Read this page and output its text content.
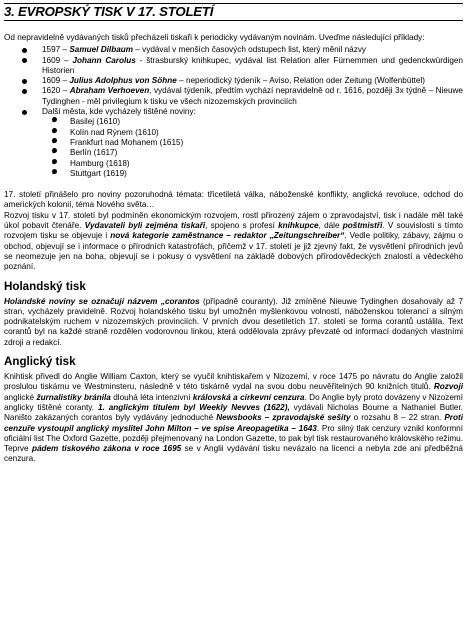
3. EVROPSKÝ TISK V 17. STOLETÍ

Od nepravidelně vydávaných tisků přecházeli tiskaři k periodicky vydávaným novinám. Uveďme následující příklady:

1597 – Samuel Dilbaum – vydával v menších časových odstupech list, který měnil názvy
1609 – Johann Carolus - štrasburský knihkupec, vydával list Relation aller Fürnemmen und gedenckwürdigen Historien
1609 – Julius Adolphus von Söhne – neperiodický týdeník – Aviso, Relation oder Zeitung (Wolfenbüttel)
1620 – Abraham Verhoeven, vydával týdeník, předtím vychází nepravidelně od r. 1616, později 3x týdně – Nieuwe Tydinghen - měl privilegium k tisku ve všech nizozemských provinciích
Další města, kde vycházely tištěné noviny:
- Basilej (1610)
- Kolín nad Rýnem (1610)
- Frankfurt nad Mohanem (1615)
- Berlín (1617)
- Hamburg (1618)
- Stuttgart (1619)

17. století přinášelo pro noviny pozoruhodná témata: třicetiletá válka, náboženské konflikty, anglická revoluce, odchod do amerických kolonií, téma Nového světa…

Rozvoj tisku v 17. století byl podmíněn ekonomickým rozvojem, rostl přirozený zájem o zpravodajství, tisk i nadále měl také úkol pobavit čtenáře. Vydavateli byli zejména tiskaři, spojeno s profesí knihkupce, dále poštmistři. V souvislosti s tímto rozvojem tisku se objevuje i nová kategorie zaměstnance – redaktor „Zeitungschreiber“. Vedle politiky, zábavy, zájmu o obchod, objevují se i informace o přírodních katastrofách, přičemž v 17. století je již zjevný fakt, že vysvětlení přírodních jevů se neomezuje jen na boha, objevují se i pokusy o vysvětlení na základě dobových přírodovědeckých znalostí a vědeckého poznání.

Holandský tisk

Holandské noviny se označují názvem „corantos (případně couranty). Již zmíněné Nieuwe Tydinghen dosahovaly až 7 stran, vycházely pravidelně. Rozvoj holandského tisku byl umožněn myšlenkovou volností, náboženskou tolerancí a silným podnikatelským ruchem v nizozemských provinciích. V prvních dvou desetiletích 17. století se forma corantů ustálila. Text corantů byl na každé straně rozdělen vodorovnou linkou, která oddělovala zprávy převzaté od informací dodaných vlastními zdroji a redakcí.

Anglický tisk

Knihtisk přivedl do Anglie William Caxton, který se vyučil knihtiskařem v Nizozemí, v roce 1475 po návratu do Anglie založil proslulou tiskárnu ve Westminsteru, následně v této tiskárně vydal na svou dobu neuvěřitelných 90 knižních titulů. Rozvoji anglické žurnalistiky bránila dlouhá léta intenzivní královská a církevní cenzura. Do Anglie byly proto dovázeny v Nizozemí anglicky tištěné coranty. 1. anglickým titulem byl Weekly Nevves (1622), vydávali Nicholas Bourne a Nathaniel Butler. Naništo zakázaných corantos byly vydávány jednoduché Newsbooks – zpravodajské sešity o rozsahu 8 – 22 stran. Proti cenzuře vystoupil anglický myslitel John Milton – ve spise Areopagetika – 1643. Pro silný tlak cenzury vznikl konformní oficiální list The Oxford Gazette, později přejmenovaný na London Gazette, to pak byl tisk restaurovaného královského režimu. Teprve pádem tiskového zákona v roce 1695 se v Anglii vydávání tisku nevázalo na licenci a nebyla zde ani předběžná cenzura.
